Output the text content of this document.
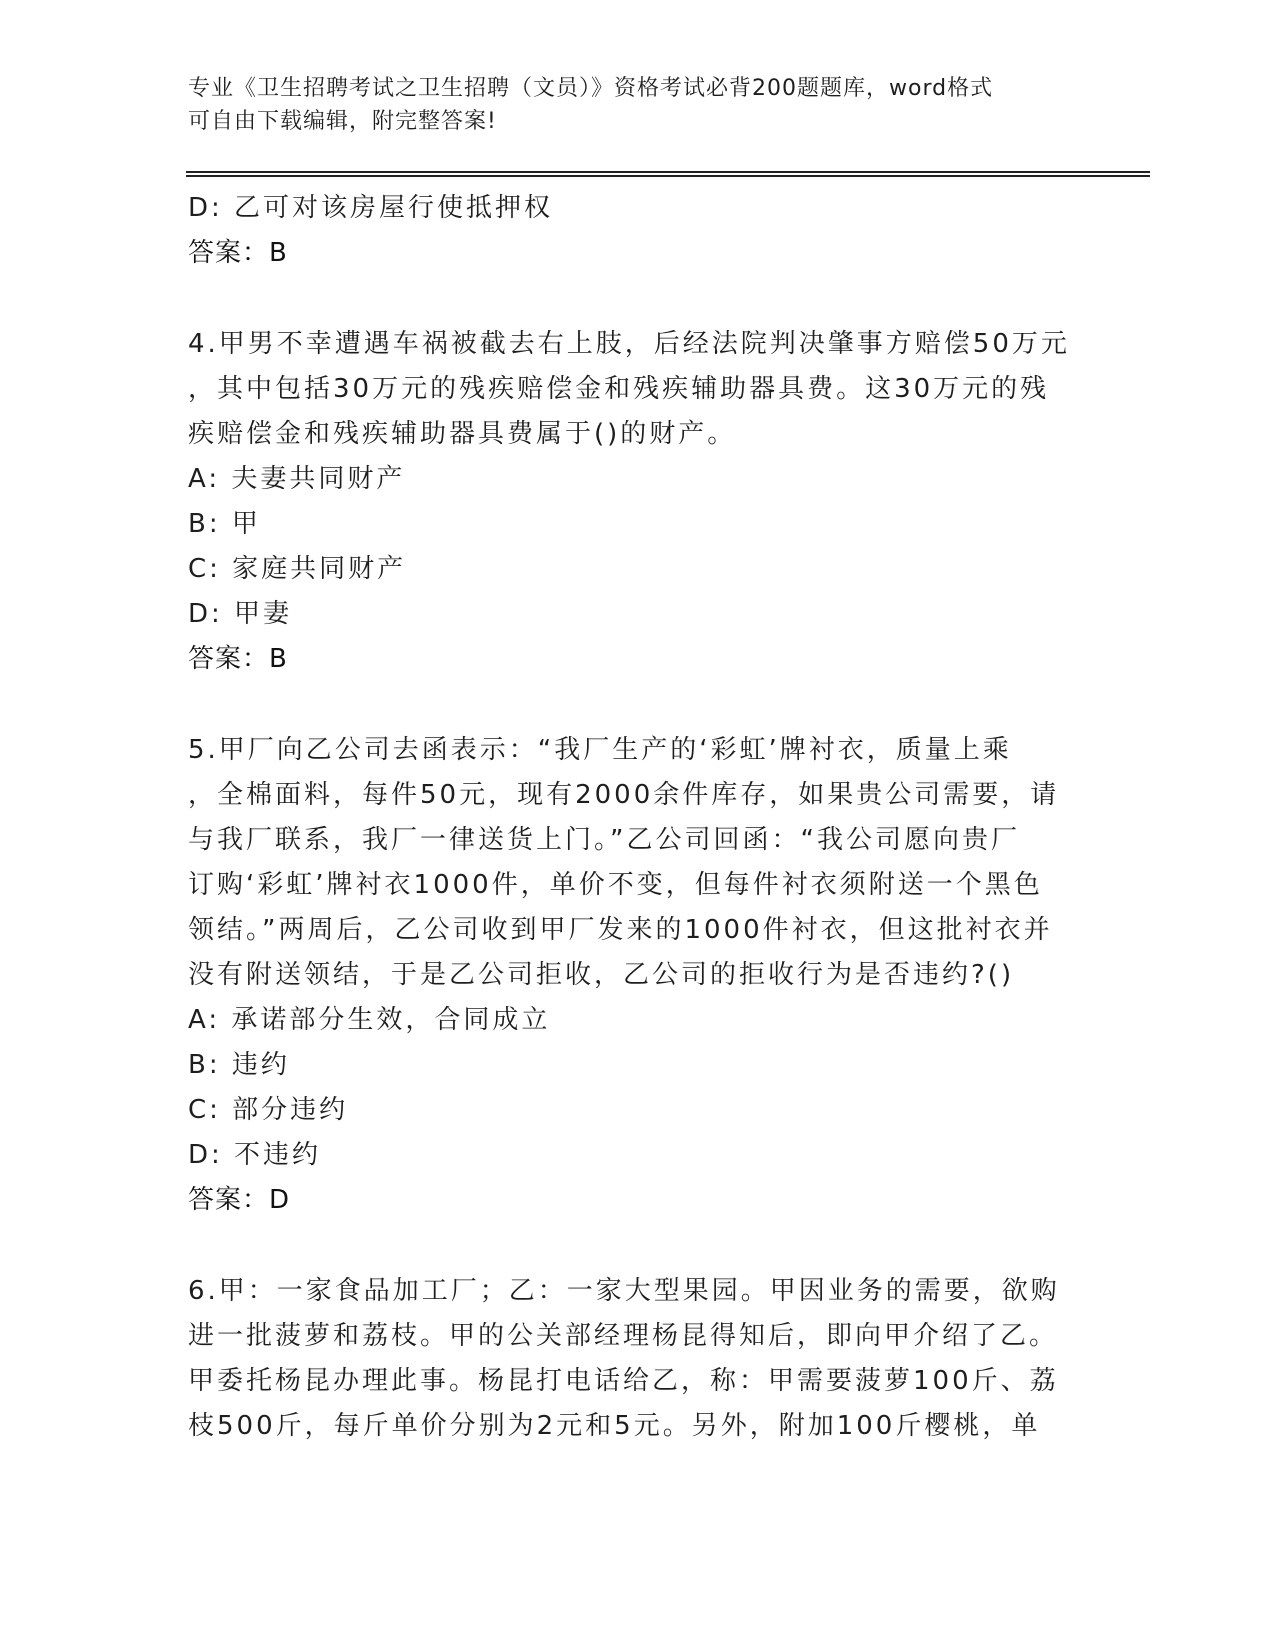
专业《卫生招聘考试之卫生招聘（文员）》资格考试必背200题题库，word格式
可自由下载编辑，附完整答案!
D: 乙可对该房屋行使抵押权
答案：B
4.甲男不幸遭遇车祸被截去右上肢，后经法院判决肇事方赔偿50万元
，其中包括30万元的残疾赔偿金和残疾辅助器具费。这30万元的残
疾赔偿金和残疾辅助器具费属于()的财产。
A: 夫妻共同财产
B: 甲
C: 家庭共同财产
D: 甲妻
答案：B
5.甲厂向乙公司去函表示：“我厂生产的‘彩虹’牌衬衣，质量上乘
，全棉面料，每件50元，现有2000余件库存，如果贵公司需要，请
与我厂联系，我厂一律送货上门。”乙公司回函：“我公司愿向贵厂
订购‘彩虹’牌衬衣1000件，单价不变，但每件衬衣须附送一个黑色
领结。”两周后，乙公司收到甲厂发来的1000件衬衣，但这批衬衣并
没有附送领结，于是乙公司拒收，乙公司的拒收行为是否违约?()
A: 承诺部分生效，合同成立
B: 违约
C: 部分违约
D: 不违约
答案：D
6.甲：一家食品加工厂；乙：一家大型果园。甲因业务的需要，欲购
进一批菠萝和荔枝。甲的公关部经理杨昆得知后，即向甲介绍了乙。
甲委托杨昆办理此事。杨昆打电话给乙，称：甲需要菠萝100斤、荔
枝500斤，每斤单价分别为2元和5元。另外，附加100斤樱桃，单
